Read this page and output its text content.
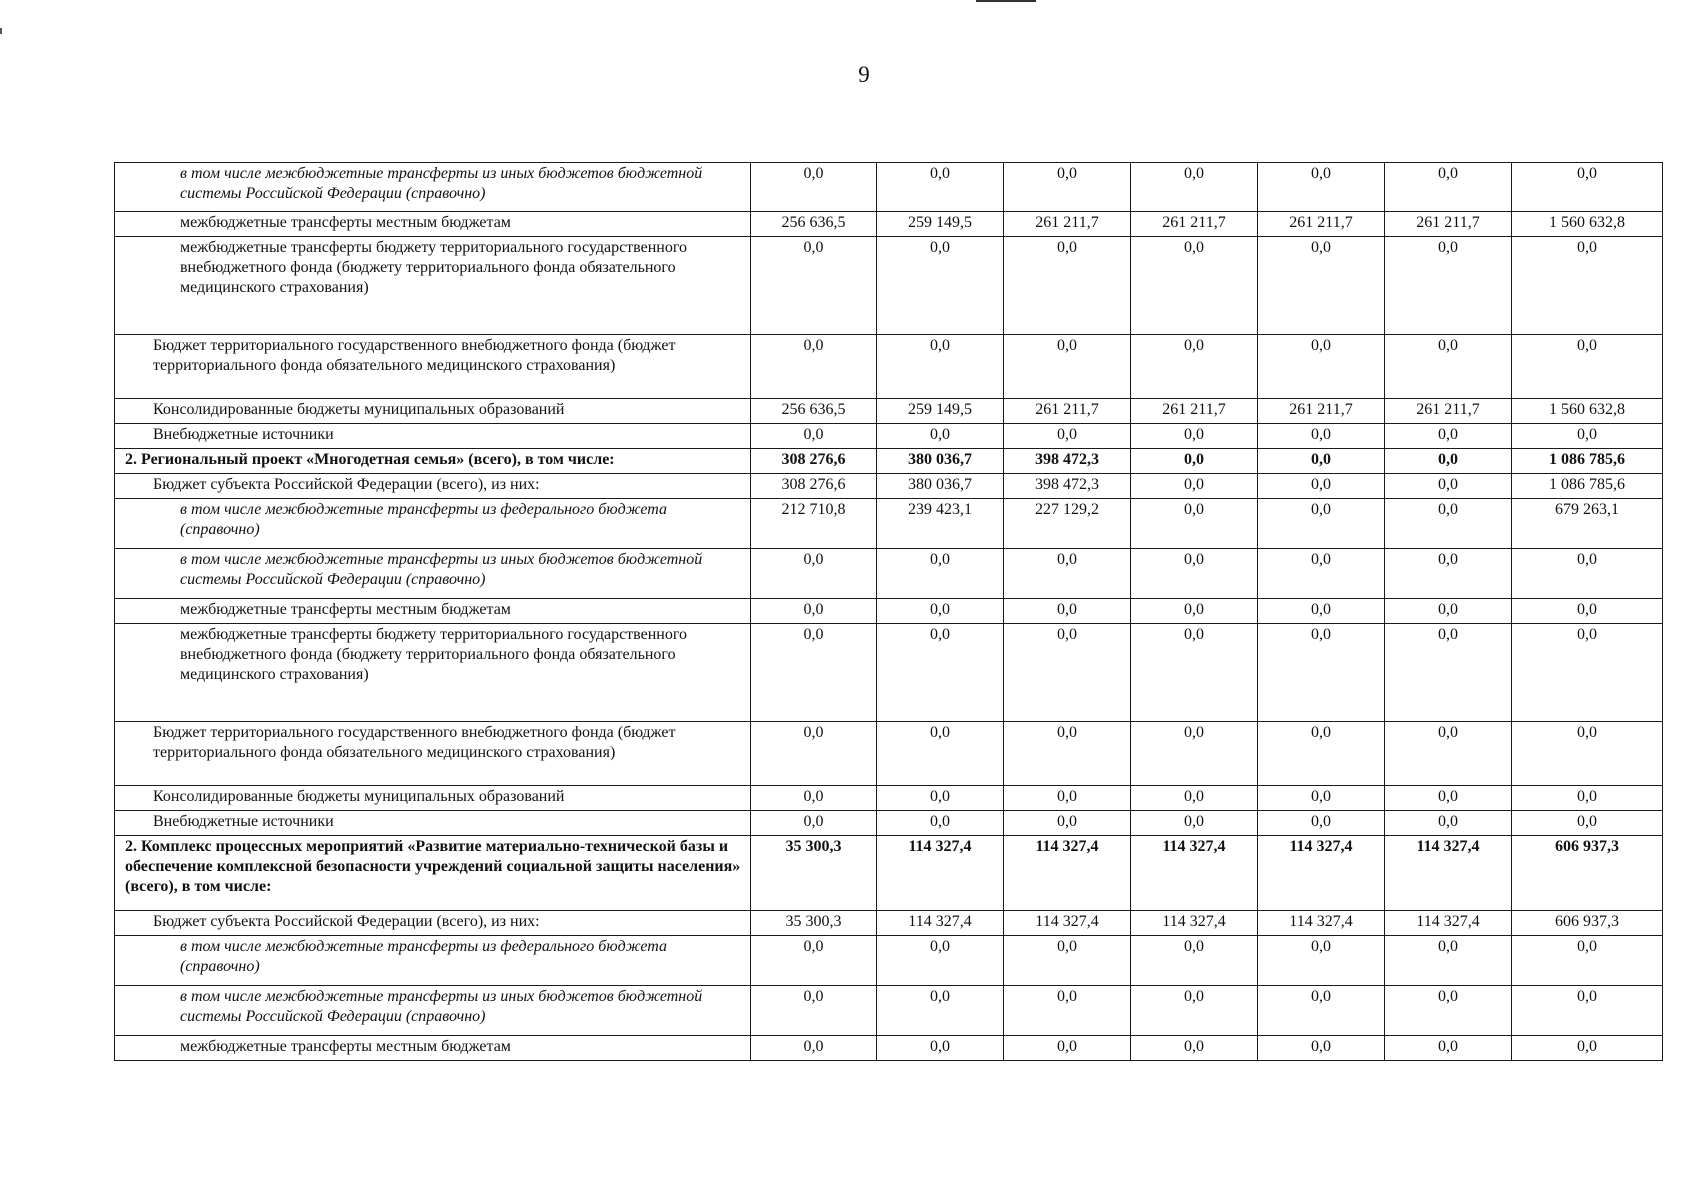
9
в том числе межбюджетные трансферты из иных бюджетов бюджетной системы Российской Федерации (справочно)	0,0	0,0	0,0	0,0	0,0	0,0	0,0
межбюджетные трансферты местным бюджетам	256 636,5	259 149,5	261 211,7	261 211,7	261 211,7	261 211,7	1 560 632,8
межбюджетные трансферты бюджету территориального государственного внебюджетного фонда (бюджету территориального фонда обязательного медицинского страхования)	0,0	0,0	0,0	0,0	0,0	0,0	0,0
Бюджет территориального государственного внебюджетного фонда (бюджет территориального фонда обязательного медицинского страхования)	0,0	0,0	0,0	0,0	0,0	0,0	0,0
Консолидированные бюджеты муниципальных образований	256 636,5	259 149,5	261 211,7	261 211,7	261 211,7	261 211,7	1 560 632,8
Внебюджетные источники	0,0	0,0	0,0	0,0	0,0	0,0	0,0
2. Региональный проект «Многодетная семья» (всего), в том числе:	308 276,6	380 036,7	398 472,3	0,0	0,0	0,0	1 086 785,6
Бюджет субъекта Российской Федерации (всего), из них:	308 276,6	380 036,7	398 472,3	0,0	0,0	0,0	1 086 785,6
в том числе межбюджетные трансферты из федерального бюджета (справочно)	212 710,8	239 423,1	227 129,2	0,0	0,0	0,0	679 263,1
в том числе межбюджетные трансферты из иных бюджетов бюджетной системы Российской Федерации (справочно)	0,0	0,0	0,0	0,0	0,0	0,0	0,0
межбюджетные трансферты местным бюджетам	0,0	0,0	0,0	0,0	0,0	0,0	0,0
межбюджетные трансферты бюджету территориального государственного внебюджетного фонда (бюджету территориального фонда обязательного медицинского страхования)	0,0	0,0	0,0	0,0	0,0	0,0	0,0
Бюджет территориального государственного внебюджетного фонда (бюджет территориального фонда обязательного медицинского страхования)	0,0	0,0	0,0	0,0	0,0	0,0	0,0
Консолидированные бюджеты муниципальных образований	0,0	0,0	0,0	0,0	0,0	0,0	0,0
Внебюджетные источники	0,0	0,0	0,0	0,0	0,0	0,0	0,0
2. Комплекс процессных мероприятий «Развитие материально-технической базы и обеспечение комплексной безопасности учреждений социальной защиты населения» (всего), в том числе:	35 300,3	114 327,4	114 327,4	114 327,4	114 327,4	114 327,4	606 937,3
Бюджет субъекта Российской Федерации (всего), из них:	35 300,3	114 327,4	114 327,4	114 327,4	114 327,4	114 327,4	606 937,3
в том числе межбюджетные трансферты из федерального бюджета (справочно)	0,0	0,0	0,0	0,0	0,0	0,0	0,0
в том числе межбюджетные трансферты из иных бюджетов бюджетной системы Российской Федерации (справочно)	0,0	0,0	0,0	0,0	0,0	0,0	0,0
межбюджетные трансферты местным бюджетам	0,0	0,0	0,0	0,0	0,0	0,0	0,0
